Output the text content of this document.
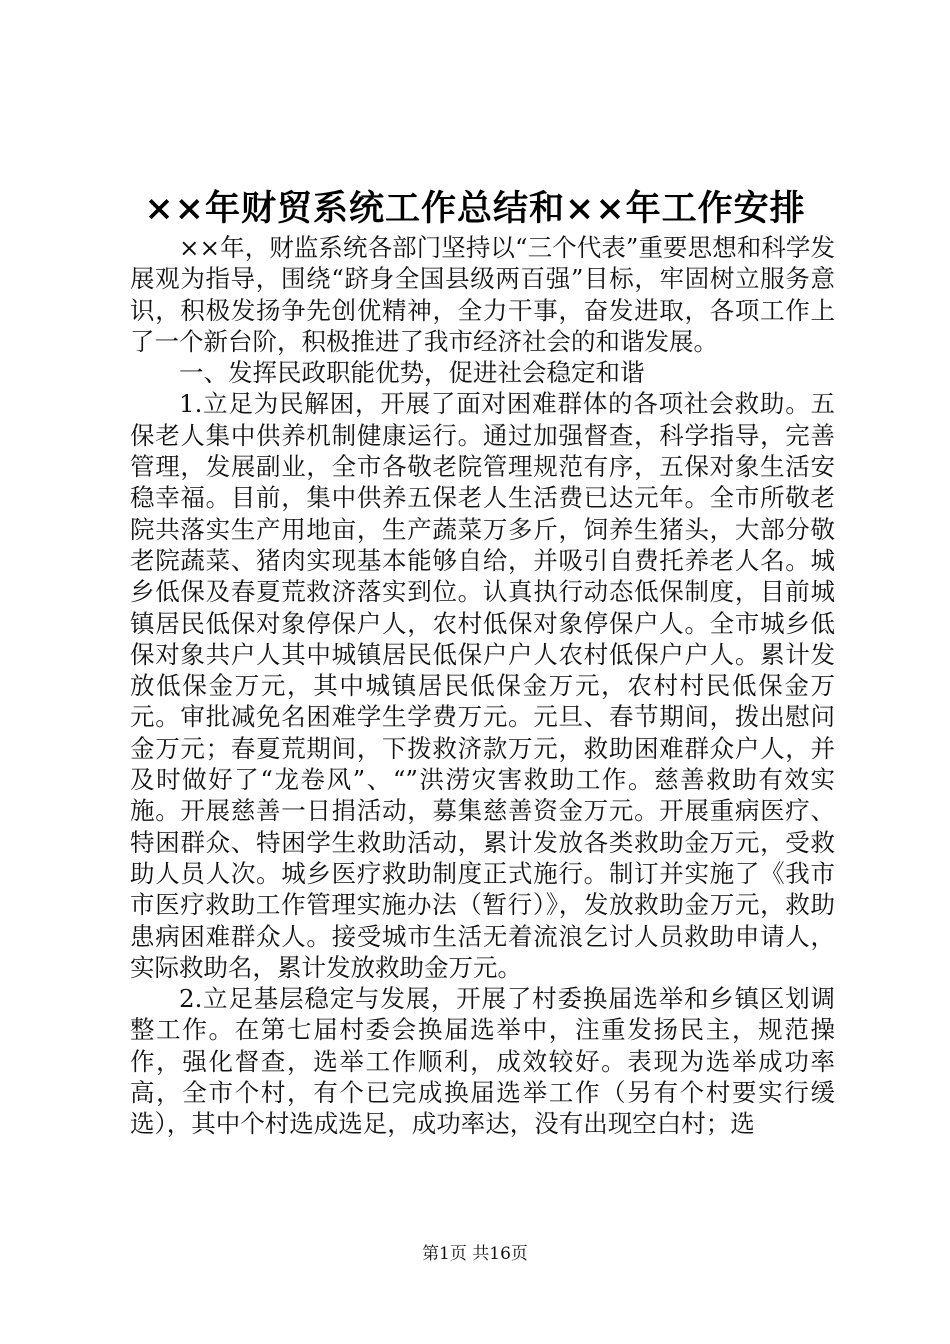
××年财贸系统工作总结和××年工作安排

××年，财监系统各部门坚持以“三个代表”重要思想和科学发展观为指导，围绕“跻身全国县级两百强”目标，牢固树立服务意识，积极发扬争先创优精神，全力干事，奋发进取，各项工作上了一个新台阶，积极推进了我市经济社会的和谐发展。

一、发挥民政职能优势，促进社会稳定和谐

1.立足为民解困，开展了面对困难群体的各项社会救助。五保老人集中供养机制健康运行。通过加强督查，科学指导，完善管理，发展副业，全市各敬老院管理规范有序，五保对象生活安稳幸福。目前，集中供养五保老人生活费已达元年。全市所敬老院共落实生产用地亩，生产蔬菜万多斤，饲养生猪头，大部分敬老院蔬菜、猪肉实现基本能够自给，并吸引自费托养老人名。城乡低保及春夏荒救济落实到位。认真执行动态低保制度，目前城镇居民低保对象停保户人，农村低保对象停保户人。全市城乡低保对象共户人其中城镇居民低保户户人农村低保户户人。累计发放低保金万元，其中城镇居民低保金万元，农村村民低保金万元。审批减免名困难学生学费万元。元旦、春节期间，拨出慰问金万元；春夏荒期间，下拨救济款万元，救助困难群众户人，并及时做好了“龙卷风”、“”洪涝灾害救助工作。慈善救助有效实施。开展慈善一日捐活动，募集慈善资金万元。开展重病医疗、特困群众、特困学生救助活动，累计发放各类救助金万元，受救助人员人次。城乡医疗救助制度正式施行。制订并实施了《我市市医疗救助工作管理实施办法（暂行）》，发放救助金万元，救助患病困难群众人。接受城市生活无着流浪乞讨人员救助申请人，实际救助名，累计发放救助金万元。

2.立足基层稳定与发展，开展了村委换届选举和乡镇区划调整工作。在第七届村委会换届选举中，注重发扬民主，规范操作，强化督查，选举工作顺利，成效较好。表现为选举成功率高，全市个村，有个已完成换届选举工作（另有个村要实行缓选），其中个村选成选足，成功率达，没有出现空白村；选

第1页 共16页
